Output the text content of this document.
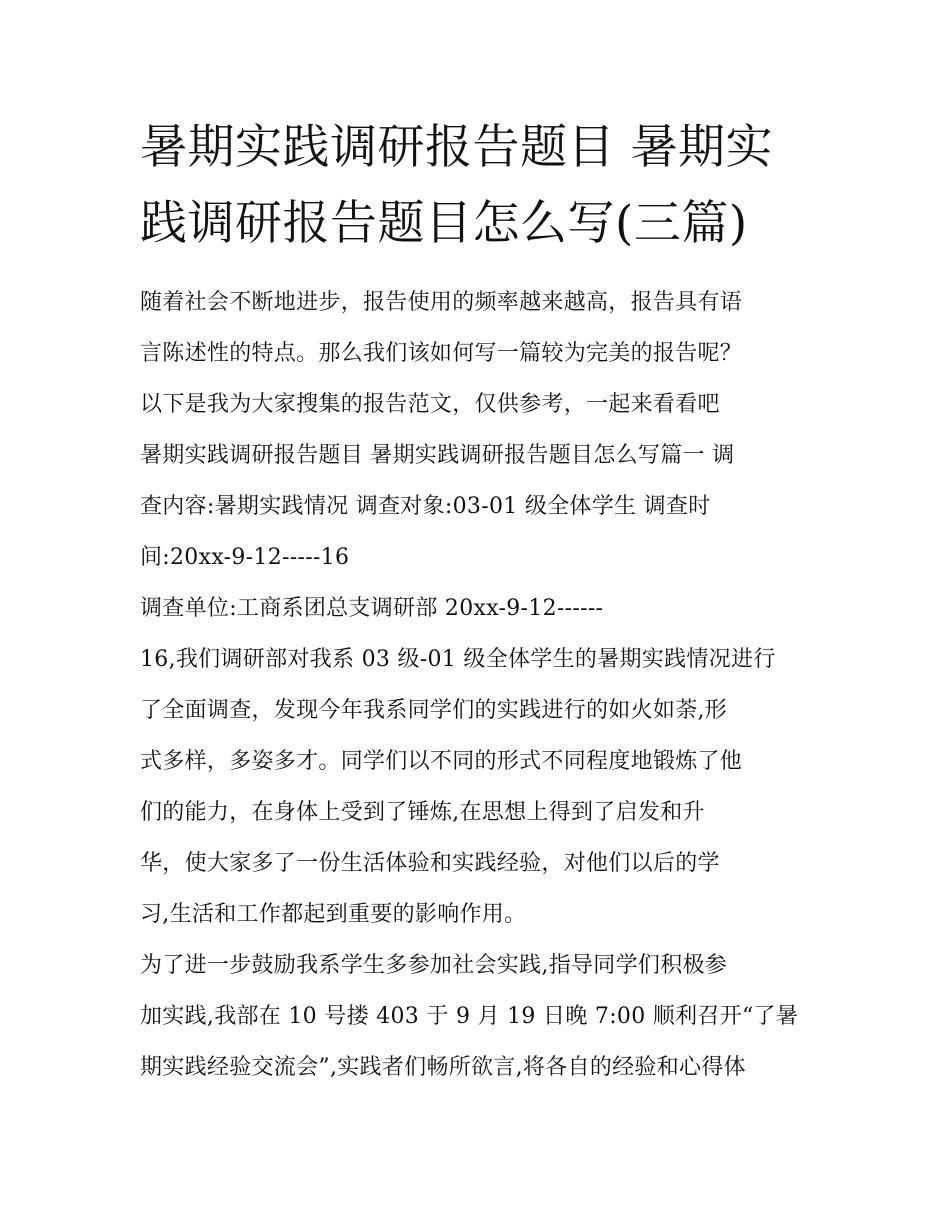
暑期实践调研报告题目 暑期实
践调研报告题目怎么写(三篇)
随着社会不断地进步，报告使用的频率越来越高，报告具有语
言陈述性的特点。那么我们该如何写一篇较为完美的报告呢？
以下是我为大家搜集的报告范文，仅供参考，一起来看看吧
暑期实践调研报告题目 暑期实践调研报告题目怎么写篇一 调
查内容:暑期实践情况 调查对象:03-01 级全体学生 调查时
间:20xx-9-12-----16
调查单位:工商系团总支调研部 20xx-9-12------
16,我们调研部对我系 03 级-01 级全体学生的暑期实践情况进行
了全面调查，发现今年我系同学们的实践进行的如火如荼,形
式多样，多姿多才。同学们以不同的形式不同程度地锻炼了他
们的能力，在身体上受到了锤炼,在思想上得到了启发和升
华，使大家多了一份生活体验和实践经验，对他们以后的学
习,生活和工作都起到重要的影响作用。
为了进一步鼓励我系学生多参加社会实践,指导同学们积极参
加实践,我部在 10 号搂 403 于 9 月 19 日晚 7:00 顺利召开“了暑
期实践经验交流会”,实践者们畅所欲言,将各自的经验和心得体
